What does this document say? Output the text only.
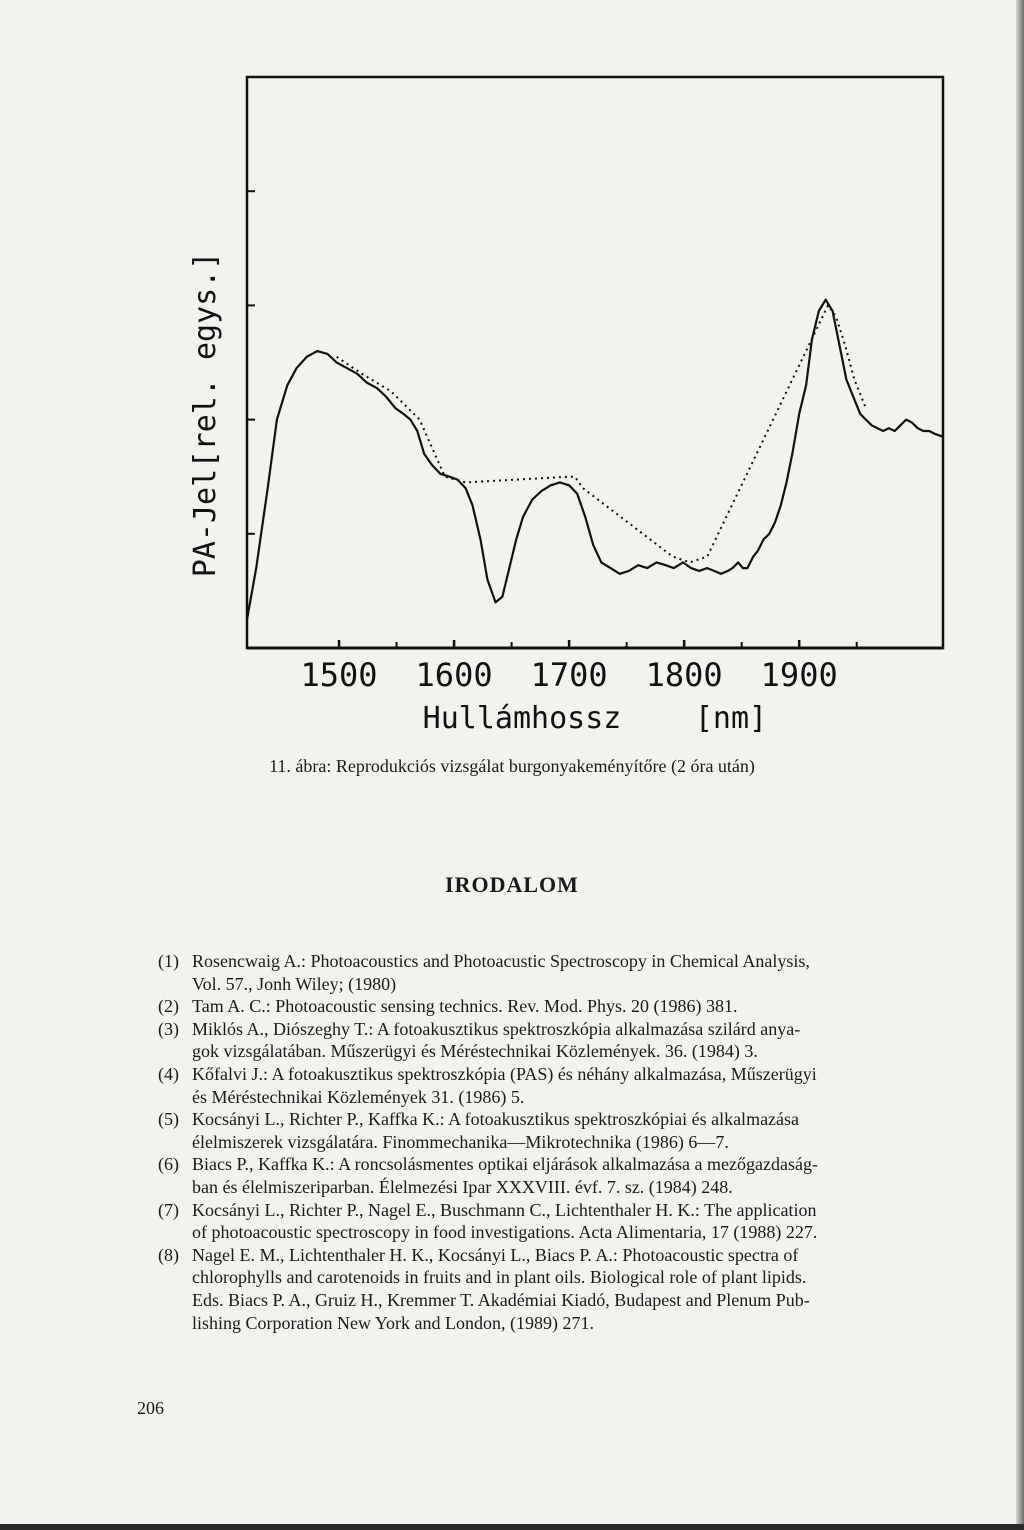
1500 1600 1700 1800 1900
[rel. egys.]
PA-Jel
Hullámhossz [nm]
11. ábra: Reprodukciós vizsgálat burgonyakeményítőre (2 óra után)
IRODALOM
(1) Rosencwaig A.: Photoacoustics and Photoacustic Spectroscopy in Chemical Analysis,
Vol. 57., Jonh Wiley; (1980)
(2) Tam A. C.: Photoacoustic sensing technics. Rev. Mod. Phys. 20 (1986) 381.
(3) Miklós A., Diószeghy T.: A fotoakusztikus spektroszkópia alkalmazása szilárd anya-
gok vizsgálatában. Műszerügyi és Méréstechnikai Közlemények. 36. (1984) 3.
(4) Kőfalvi J.: A fotoakusztikus spektroszkópia (PAS) és néhány alkalmazása, Műszerügyi
és Méréstechnikai Közlemények 31. (1986) 5.
(5) Kocsányi L., Richter P., Kaffka K.: A fotoakusztikus spektroszkópiai és alkalmazása
élelmiszerek vizsgálatára. Finommechanika—Mikrotechnika (1986) 6—7.
(6) Biacs P., Kaffka K.: A roncsolásmentes optikai eljárások alkalmazása a mezőgazdaság-
ban és élelmiszeriparban. Élelmezési Ipar XXXVIII. évf. 7. sz. (1984) 248.
(7) Kocsányi L., Richter P., Nagel E., Buschmann C., Lichtenthaler H. K.: The application
of photoacoustic spectroscopy in food investigations. Acta Alimentaria, 17 (1988) 227.
(8) Nagel E. M., Lichtenthaler H. K., Kocsányi L., Biacs P. A.: Photoacoustic spectra of
chlorophylls and carotenoids in fruits and in plant oils. Biological role of plant lipids.
Eds. Biacs P. A., Gruiz H., Kremmer T. Akadémiai Kiadó, Budapest and Plenum Pub-
lishing Corporation New York and London, (1989) 271.
206
